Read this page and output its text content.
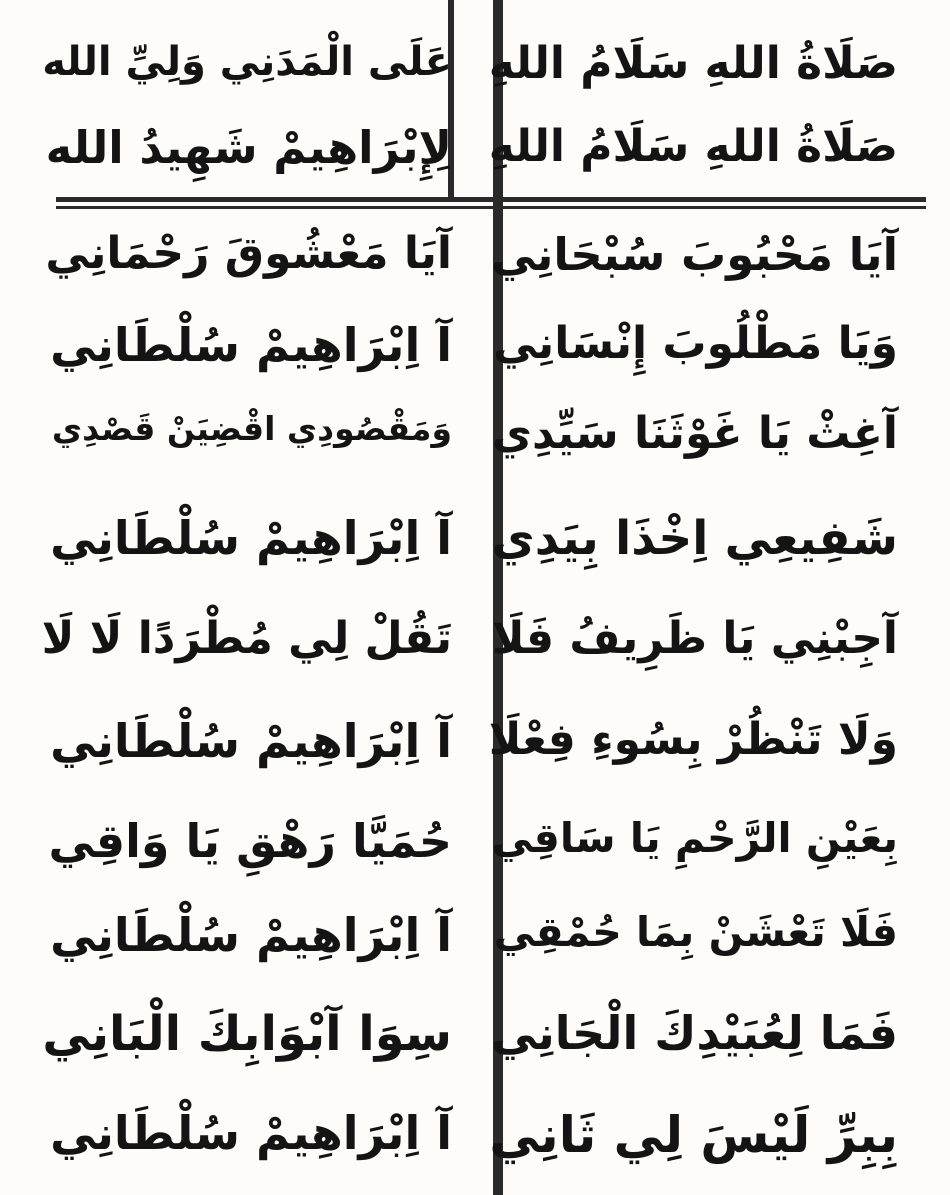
صَلَاةُ اللهِ سَلَامُ اللهِ
صَلَاةُ اللهِ سَلَامُ اللهِ
عَلَى الْمَدَنِي وَلِيِّ الله
لِإِبْرَاهِيمْ شَهِيدُ الله
آيَا مَحْبُوبَ سُبْحَانِي
آيَا مَعْشُوقَ رَحْمَانِي
وَيَا مَطْلُوبَ إِنْسَانِي
آ اِبْرَاهِيمْ سُلْطَانِي
آغِثْ يَا غَوْثَنَا سَيِّدِي
وَمَقْصُودِي اقْضِيَنْ قَصْدِي
شَفِيعِي اِخْذَا بِيَدِي
آ اِبْرَاهِيمْ سُلْطَانِي
آجِبْنِي يَا ظَرِيفُ فَلَا
تَقُلْ لِي مُطْرَدًا لَا لَا
وَلَا تَنْظُرْ بِسُوءِ فِعْلَا
آ اِبْرَاهِيمْ سُلْطَانِي
بِعَيْنِ الرَّحْمِ يَا سَاقِي
حُمَيَّا رَهْقِ يَا وَاقِي
فَلَا تَعْشَنْ بِمَا حُمْقِي
آ اِبْرَاهِيمْ سُلْطَانِي
فَمَا لِعُبَيْدِكَ الْجَانِي
سِوَا آبْوَابِكَ الْبَانِي
بِبِرِّ لَيْسَ لِي ثَانِي
آ اِبْرَاهِيمْ سُلْطَانِي
